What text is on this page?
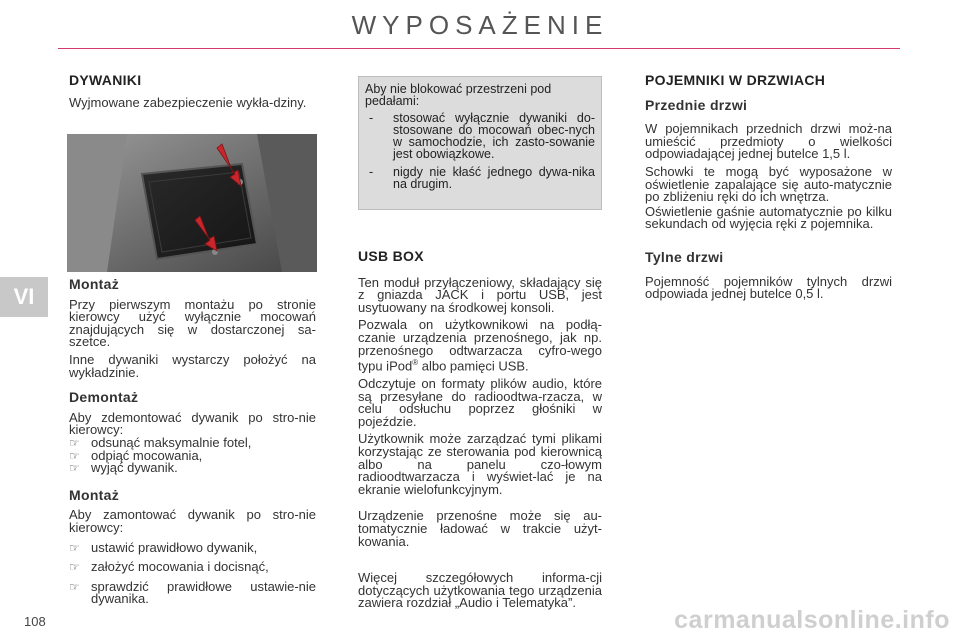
WYPOSAŻENIE
VI
108	carmanualsonline.info
DYWANIKI

Wyjmowane zabezpieczenie wykła-dziny.

Montaż

Przy pierwszym montażu po stronie kierowcy użyć wyłącznie mocowań znajdujących się w dostarczonej sa-szetce.

Inne dywaniki wystarczy położyć na wykładzinie.

Demontaż

Aby zdemontować dywanik po stro-nie kierowcy:

☞ odsunąć maksymalnie fotel,
☞ odpiąć mocowania,
☞ wyjąć dywanik.
Montaż

Aby zamontować dywanik po stro-nie kierowcy:

☞ ustawić prawidłowo dywanik,
☞ założyć mocowania i docisnąć,
☞ sprawdzić prawidłowe ustawie-nie dywanika.

Aby nie blokować przestrzeni pod pedałami:

- stosować wyłącznie dywaniki do-stosowane do mocowań obec-nych w samochodzie, ich zasto-sowanie jest obowiązkowe.
- nigdy nie kłaść jednego dywa-nika na drugim.
USB BOX

Ten moduł przyłączeniowy, składający się z gniazda JACK i portu USB, jest usytuowany na środkowej konsoli.

Pozwala on użytkownikowi na podłą-czanie urządzenia przenośnego, jak np. przenośnego odtwarzacza cyfro-wego typu iPod® albo pamięci USB.

Odczytuje on formaty plików audio, które są przesyłane do radioodtwa-rzacza, w celu odsłuchu poprzez głośniki w pojeździe.

Użytkownik może zarządzać tymi plikami korzystając ze sterowania pod kierownicą albo na panelu czo-łowym radioodtwarzacza i wyświet-lać je na ekranie wielofunkcyjnym.

Urządzenie przenośne może się au-tomatycznie ładować w trakcie użyt-kowania.

Więcej szczegółowych informa-cji dotyczących użytkowania tego urządzenia zawiera rozdział „Audio i Telematyka”.

POJEMNIKI W DRZWIACH
Przednie drzwi

W pojemnikach przednich drzwi moż-na umieścić przedmioty o wielkości odpowiadającej jednej butelce 1,5 l.

Schowki te mogą być wyposażone w oświetlenie zapalające się auto-matycznie po zbliżeniu ręki do ich wnętrza.

Oświetlenie gaśnie automatycznie po kilku sekundach od wyjęcia ręki z pojemnika.

Tylne drzwi

Pojemność pojemników tylnych drzwi odpowiada jednej butelce 0,5 l.
